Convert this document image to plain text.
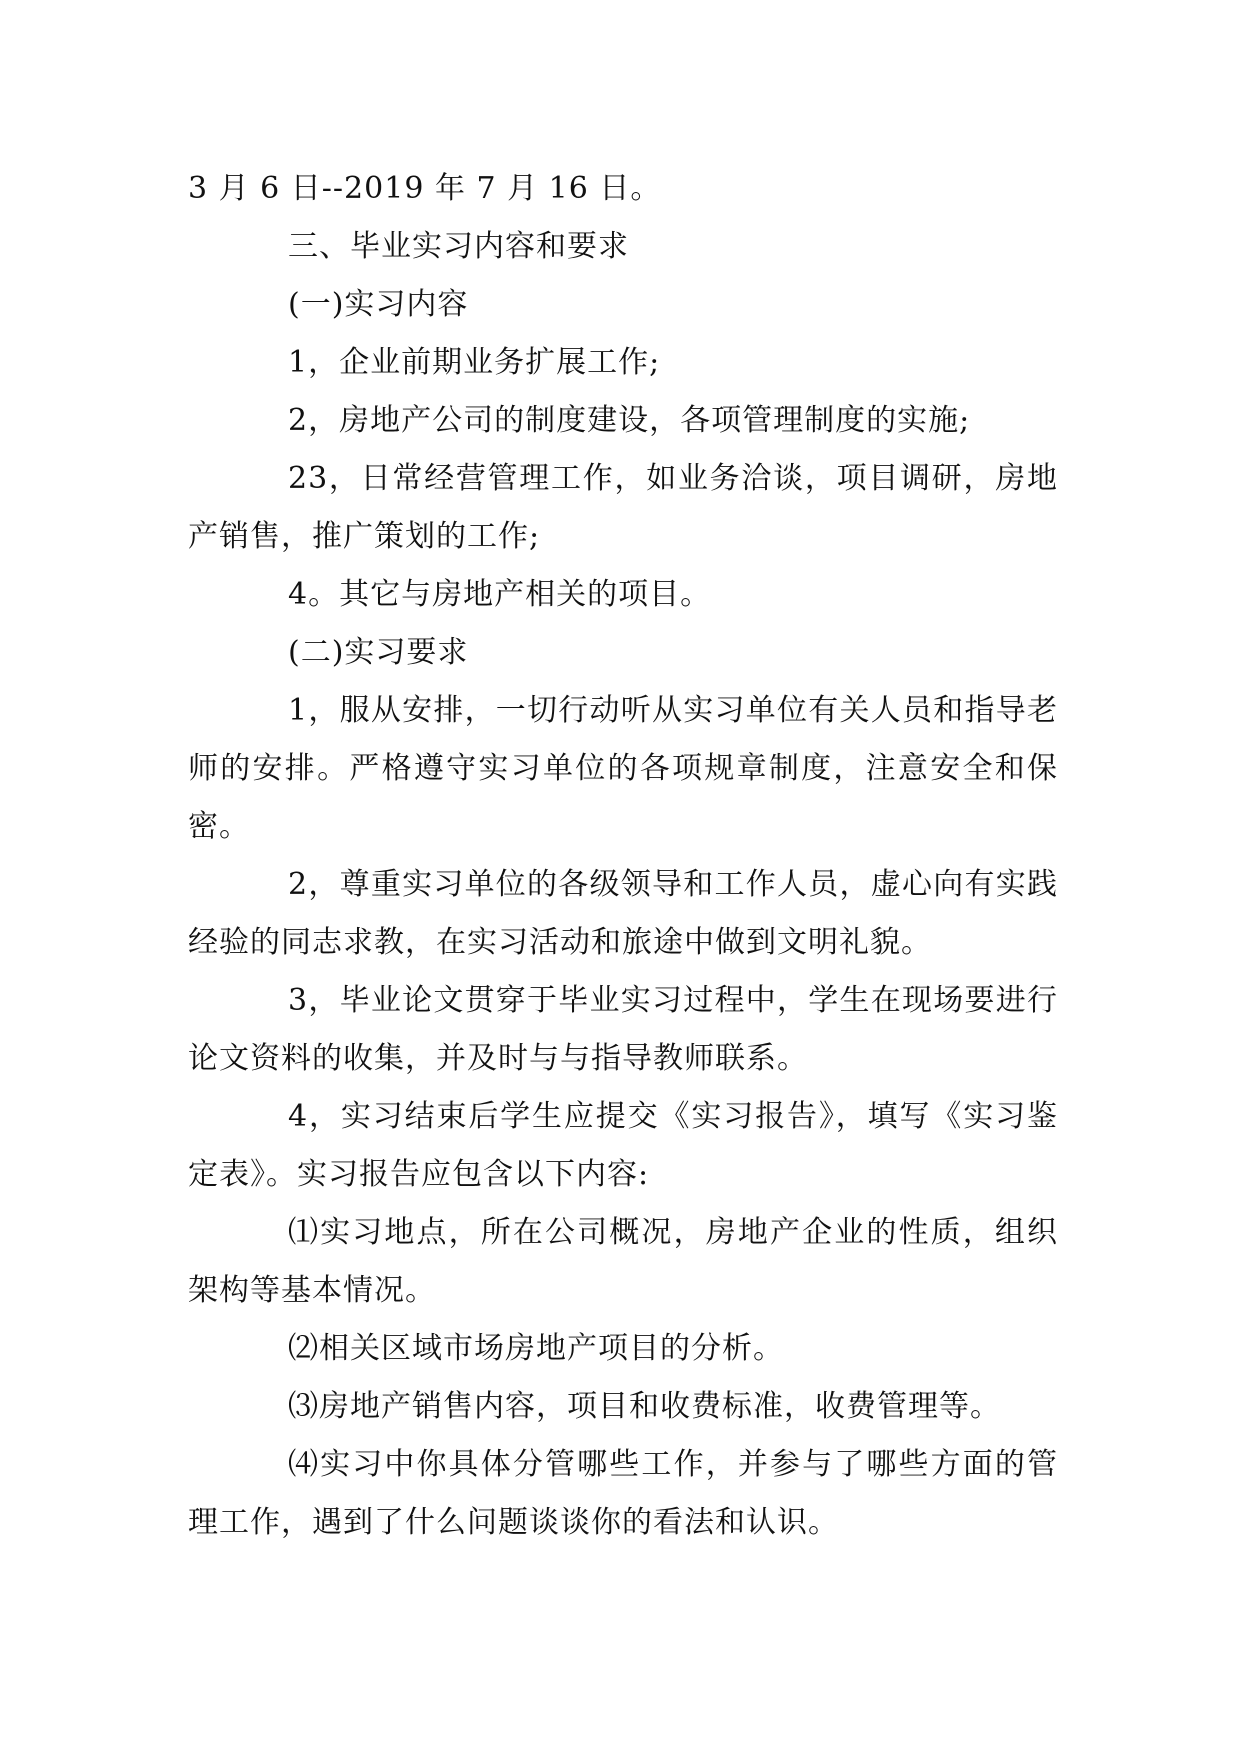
3 月 6 日--2019 年 7 月 16 日。

三、毕业实习内容和要求

(一)实习内容

1，企业前期业务扩展工作;

2，房地产公司的制度建设，各项管理制度的实施;

23，日常经营管理工作，如业务洽谈，项目调研，房地产销售，推广策划的工作;

4。其它与房地产相关的项目。

(二)实习要求

1，服从安排，一切行动听从实习单位有关人员和指导老师的安排。严格遵守实习单位的各项规章制度，注意安全和保密。

2，尊重实习单位的各级领导和工作人员，虚心向有实践经验的同志求教，在实习活动和旅途中做到文明礼貌。

3，毕业论文贯穿于毕业实习过程中，学生在现场要进行论文资料的收集，并及时与与指导教师联系。

4，实习结束后学生应提交《实习报告》，填写《实习鉴定表》。实习报告应包含以下内容:

⑴实习地点，所在公司概况，房地产企业的性质，组织架构等基本情况。

⑵相关区域市场房地产项目的分析。

⑶房地产销售内容，项目和收费标准，收费管理等。

⑷实习中你具体分管哪些工作，并参与了哪些方面的管理工作，遇到了什么问题谈谈你的看法和认识。
